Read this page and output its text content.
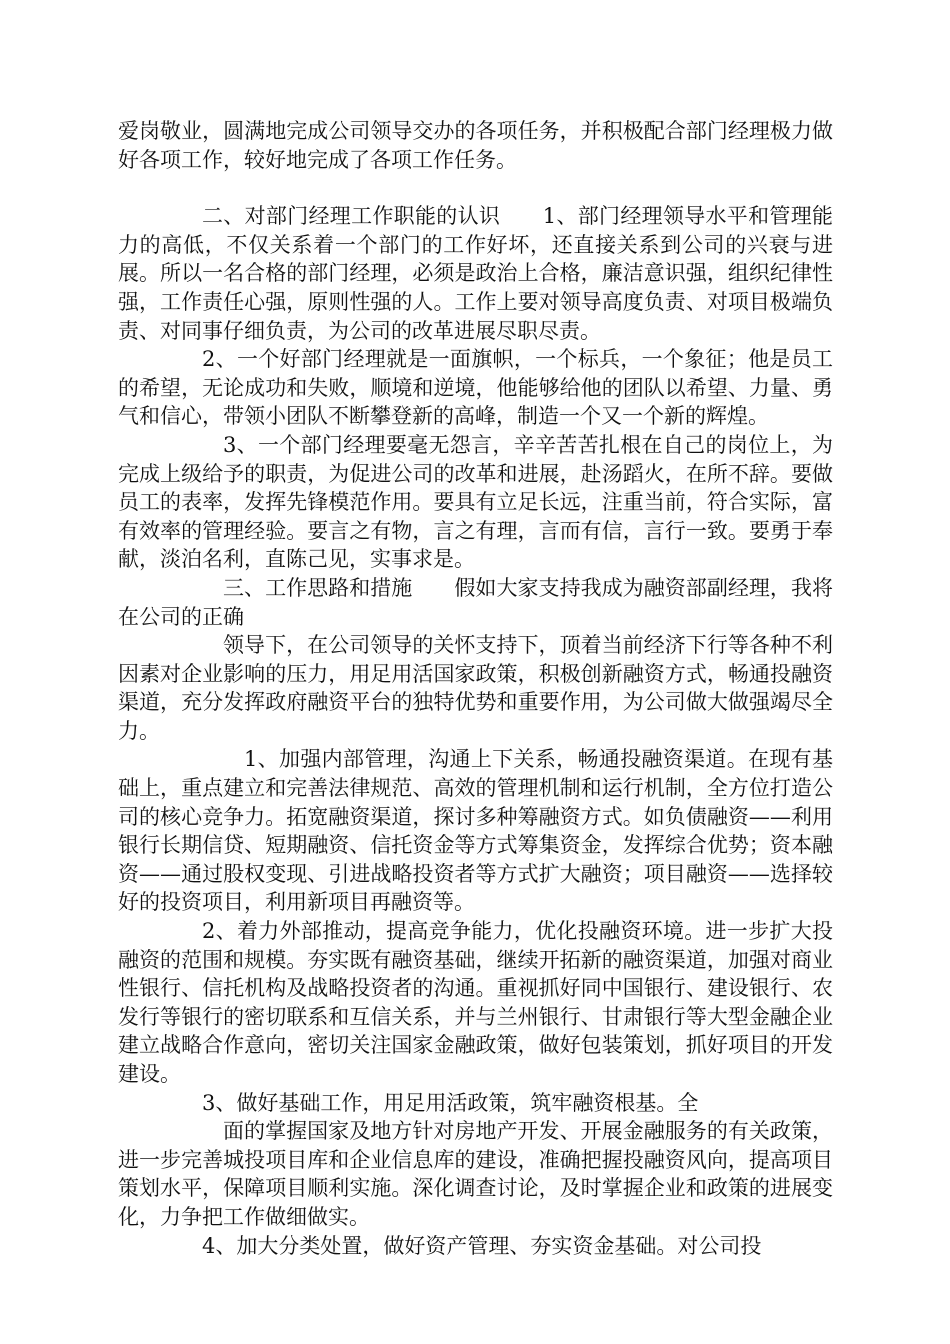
爱岗敬业，圆满地完成公司领导交办的各项任务，并积极配合部门经理极力做好各项工作，较好地完成了各项工作任务。

二、对部门经理工作职能的认识　　1、部门经理领导水平和管理能力的高低，不仅关系着一个部门的工作好坏，还直接关系到公司的兴衰与进展。所以一名合格的部门经理，必须是政治上合格，廉洁意识强，组织纪律性强，工作责任心强，原则性强的人。工作上要对领导高度负责、对项目极端负责、对同事仔细负责，为公司的改革进展尽职尽责。

2、一个好部门经理就是一面旗帜，一个标兵，一个象征；他是员工的希望，无论成功和失败，顺境和逆境，他能够给他的团队以希望、力量、勇气和信心，带领小团队不断攀登新的高峰，制造一个又一个新的辉煌。

3、一个部门经理要毫无怨言，辛辛苦苦扎根在自己的岗位上，为完成上级给予的职责，为促进公司的改革和进展，赴汤蹈火，在所不辞。要做员工的表率，发挥先锋模范作用。要具有立足长远，注重当前，符合实际，富有效率的管理经验。要言之有物，言之有理，言而有信，言行一致。要勇于奉献，淡泊名利，直陈己见，实事求是。

三、工作思路和措施　　假如大家支持我成为融资部副经理，我将在公司的正确

领导下，在公司领导的关怀支持下，顶着当前经济下行等各种不利因素对企业影响的压力，用足用活国家政策，积极创新融资方式，畅通投融资渠道，充分发挥政府融资平台的独特优势和重要作用，为公司做大做强竭尽全力。

1、加强内部管理，沟通上下关系，畅通投融资渠道。在现有基础上，重点建立和完善法律规范、高效的管理机制和运行机制，全方位打造公司的核心竞争力。拓宽融资渠道，探讨多种筹融资方式。如负债融资——利用银行长期信贷、短期融资、信托资金等方式筹集资金，发挥综合优势；资本融资——通过股权变现、引进战略投资者等方式扩大融资；项目融资——选择较好的投资项目，利用新项目再融资等。

2、着力外部推动，提高竞争能力，优化投融资环境。进一步扩大投融资的范围和规模。夯实既有融资基础，继续开拓新的融资渠道，加强对商业性银行、信托机构及战略投资者的沟通。重视抓好同中国银行、建设银行、农发行等银行的密切联系和互信关系，并与兰州银行、甘肃银行等大型金融企业建立战略合作意向，密切关注国家金融政策，做好包装策划，抓好项目的开发建设。

3、做好基础工作，用足用活政策，筑牢融资根基。全

面的掌握国家及地方针对房地产开发、开展金融服务的有关政策，进一步完善城投项目库和企业信息库的建设，准确把握投融资风向，提高项目策划水平，保障项目顺利实施。深化调查讨论，及时掌握企业和政策的进展变化，力争把工作做细做实。

4、加大分类处置，做好资产管理、夯实资金基础。对公司投
